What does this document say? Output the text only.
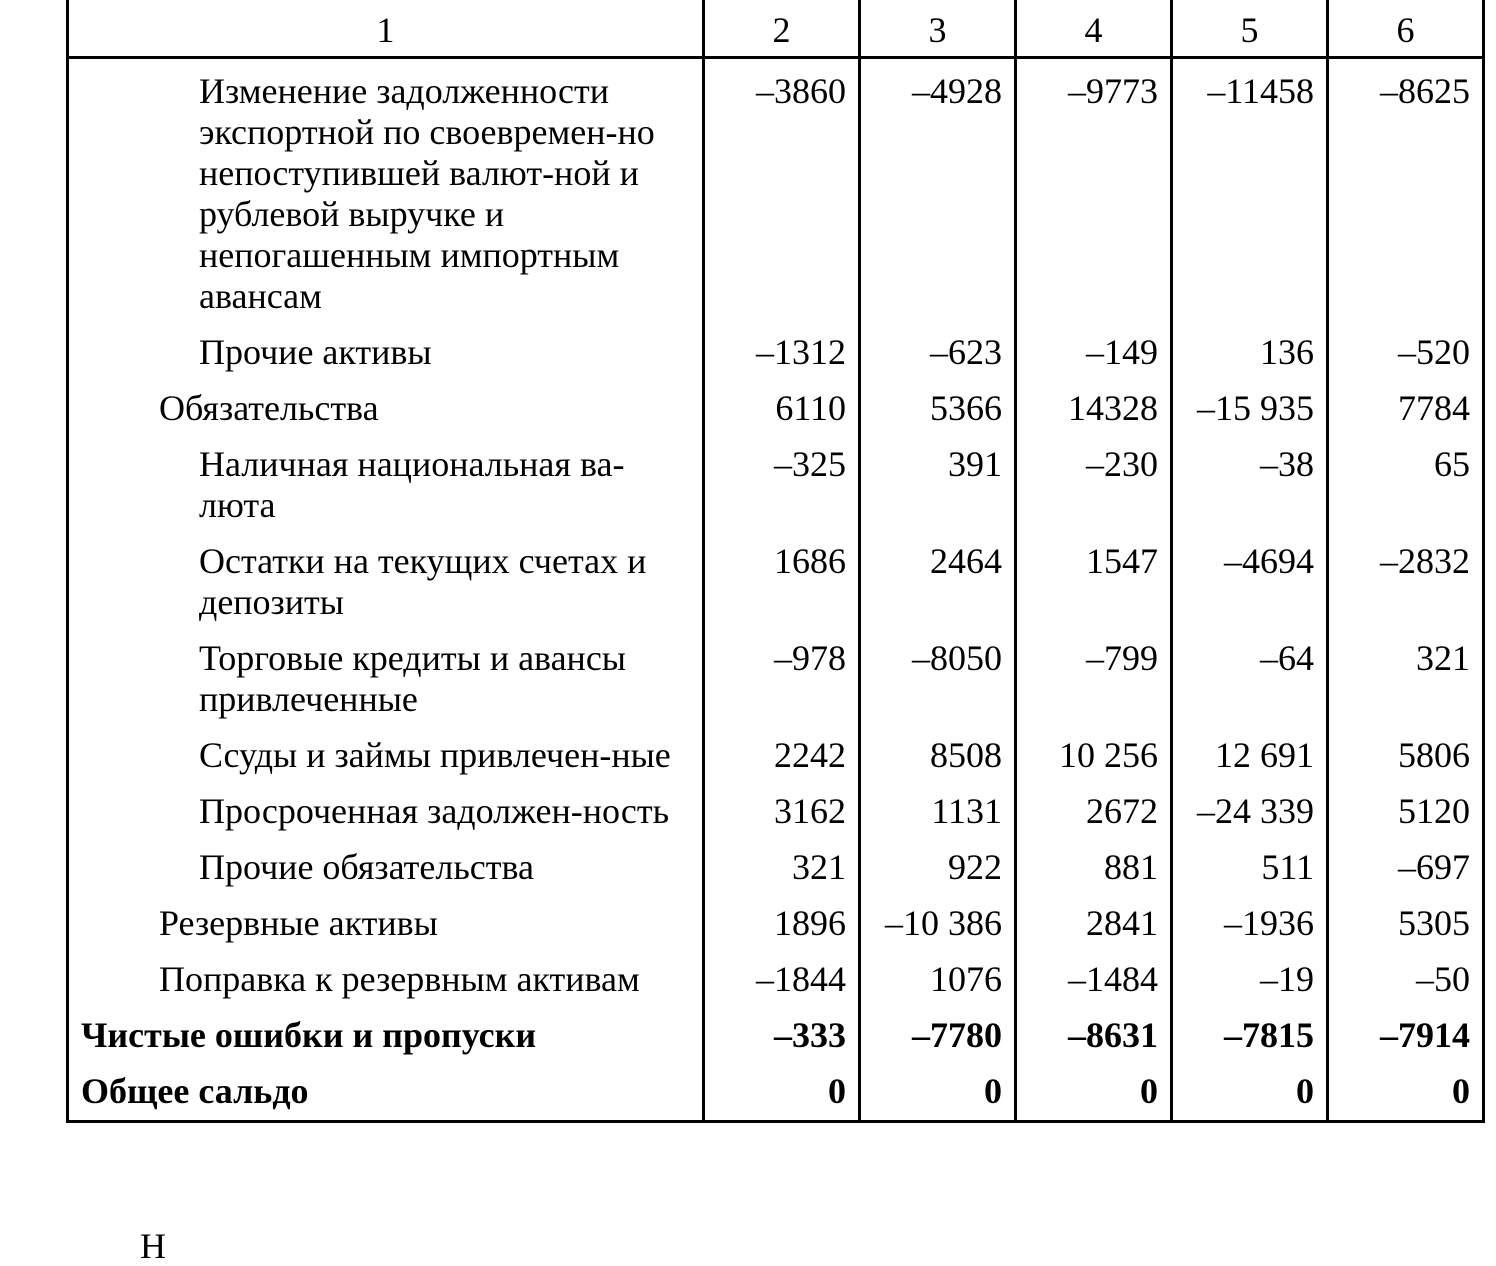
1	2	3	4	5	6
Изменение задолженности экспортной по своевремен-но непоступившей валют-ной и рублевой выручке и непогашенным импортным авансам	–3860	–4928	–9773	–11458	–8625
Прочие активы	–1312	–623	–149	136	–520
Обязательства	6110	5366	14328	–15 935	7784
Наличная национальная ва-люта	–325	391	–230	–38	65
Остатки на текущих счетах и депозиты	1686	2464	1547	–4694	–2832
Торговые кредиты и авансы привлеченные	–978	–8050	–799	–64	321
Ссуды и займы привлечен-ные	2242	8508	10 256	12 691	5806
Просроченная задолжен-ность	3162	1131	2672	–24 339	5120
Прочие обязательства	321	922	881	511	–697
Резервные активы	1896	–10 386	2841	–1936	5305
Поправка к резервным активам	–1844	1076	–1484	–19	–50
Чистые ошибки и пропуски	–333	–7780	–8631	–7815	–7914
Общее сальдо	0	0	0	0	0
Н
